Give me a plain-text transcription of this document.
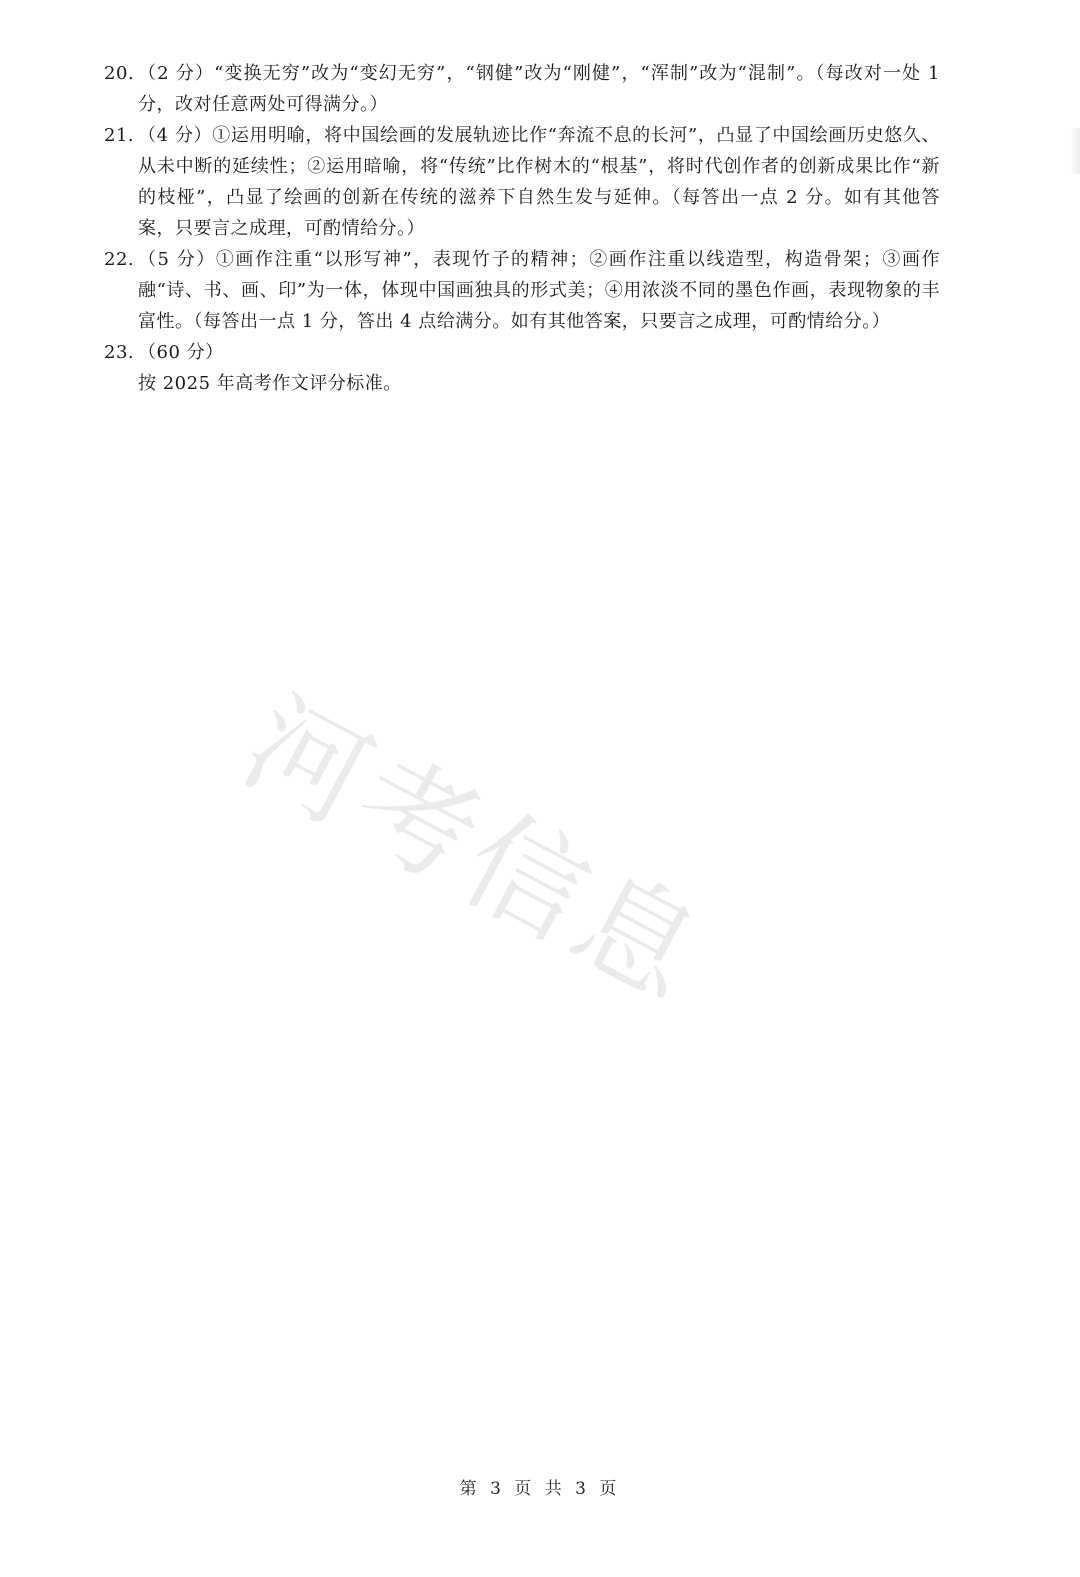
20. （2 分）“变换无穷”改为“变幻无穷”，“钢健”改为“刚健”，“浑制”改为“混制”。（每改对一处 1 分，改对任意两处可得满分。）
21. （4 分）①运用明喻，将中国绘画的发展轨迹比作“奔流不息的长河”，凸显了中国绘画历史悠久、从未中断的延续性；②运用暗喻，将“传统”比作树木的“根基”，将时代创作者的创新成果比作“新的枝桠”，凸显了绘画的创新在传统的滋养下自然生发与延伸。（每答出一点 2 分。如有其他答案，只要言之成理，可酌情给分。）
22. （5 分）①画作注重“以形写神”，表现竹子的精神；②画作注重以线造型，构造骨架；③画作融“诗、书、画、印”为一体，体现中国画独具的形式美；④用浓淡不同的墨色作画，表现物象的丰富性。（每答出一点 1 分，答出 4 点给满分。如有其他答案，只要言之成理，可酌情给分。）
23. （60 分）

按 2025 年高考作文评分标准。

河考信息
第 3 页 共 3 页
